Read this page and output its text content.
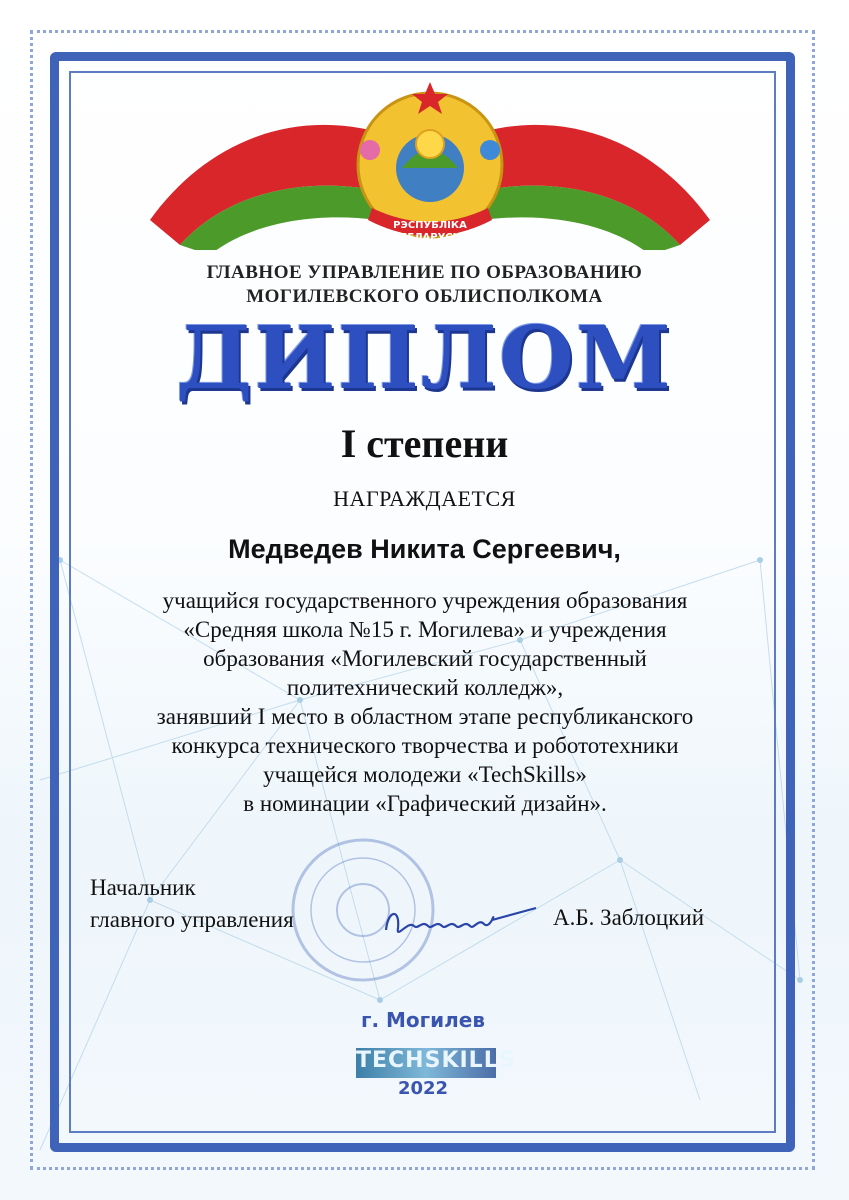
РЭСПУБЛІКА
БЕЛАРУСЬ
ГЛАВНОЕ УПРАВЛЕНИЕ ПО ОБРАЗОВАНИЮ
МОГИЛЕВСКОГО ОБЛИСПОЛКОМА
ДИПЛОМ
I степени
НАГРАЖДАЕТСЯ
Медведев Никита Сергеевич,
учащийся государственного учреждения образования
«Средняя школа №15 г. Могилева» и учреждения
образования «Могилевский государственный
политехнический колледж»,
занявший I место в областном этапе республиканского
конкурса технического творчества и робототехники
учащейся молодежи «TechSkills»
в номинации «Графический дизайн».
Начальник
главного управления	А.Б. Заблоцкий
г. Могилев
TECHSKILLS
2022
